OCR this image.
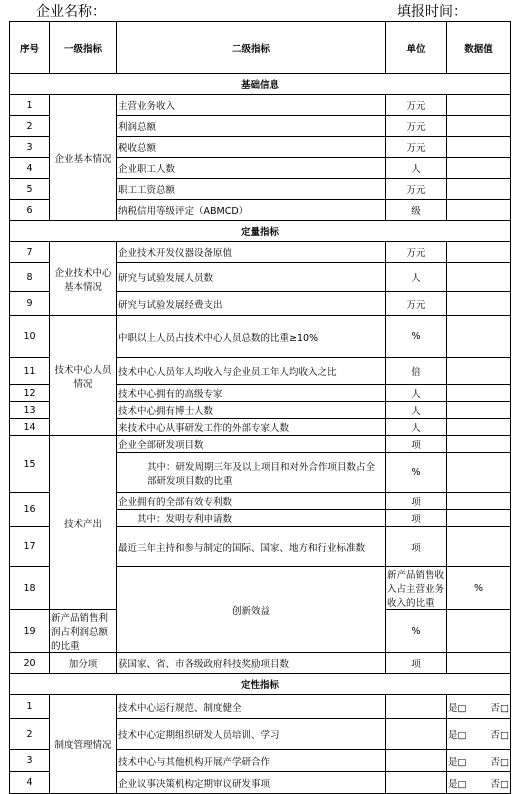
企业名称：	填报时间：
序号	一级指标	二级指标	单位	数据值	
基础信息					
1	企业基本情况	主营业务收入	万元		
2		利润总额	万元		
3		税收总额	万元		
4		企业职工人数	人		
5		职工工资总额	万元		
6		纳税信用等级评定（ABMCD）	级		
定量指标					
7	企业技术中心基本情况	企业技术开发仪器设备原值	万元		
8		研究与试验发展人员数	人		
9		研究与试验发展经费支出	万元		
10	技术中心人员情况	中职以上人员占技术中心人员总数的比重≥10%	%		
11		技术中心人员年人均收入与企业员工年人均收入之比	倍		
12		技术中心拥有的高级专家	人		
13		技术中心拥有博士人数	人		
14		来技术中心从事研发工作的外部专家人数	人		
15	技术产出	企业全部研发项目数	项		
		其中：研发周期三年及以上项目和对外合作项目数占全部研发项目数的比重	%		
16		企业拥有的全部有效专利数	项		
		其中：发明专利申请数	项		
17		最近三年主持和参与制定的国际、国家、地方和行业标准数	项		
18		创新效益	新产品销售收入占主营业务收入的比重	%	
19	新产品销售利润占利润总额的比重		%		
20	加分项	获国家、省、市各级政府科技奖励项目数	项		
定性指标					
1	制度管理情况	技术中心运行规范、制度健全		是□ 否□	

2		技术中心定期组织研发人员培训、学习		是□ 否□	

3		技术中心与其他机构开展产学研合作		是□ 否□	

4		企业议事决策机构定期审议研发事项		是□ 否□	
